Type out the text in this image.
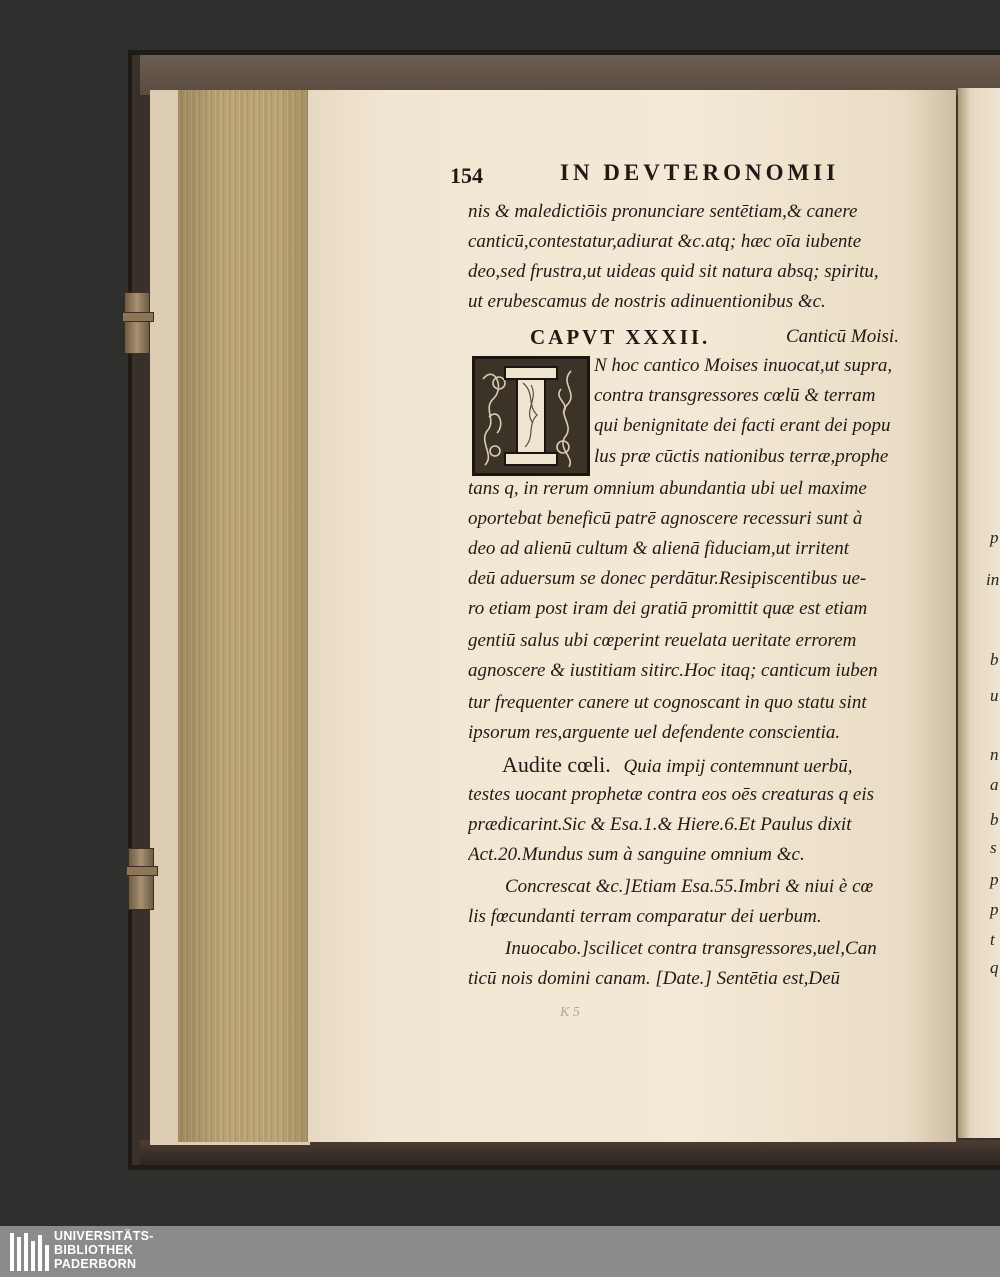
154	IN DEVTERONOMII
nis & maledictiōis pronunciare sentētiam,& canere
canticū,contestatur,adiurat &c.atq; hæc oīa iubente
deo,sed frustra,ut uideas quid sit natura absq; spiritu,
ut erubescamus de nostris adinuentionibus &c.
CAPVT XXXII.	Canticū Moisi.
N hoc cantico Moises inuocat,ut supra,
contra transgressores cœlū & terram
qui benignitate dei facti erant dei popu
lus præ cūctis nationibus terræ,prophe
tans q, in rerum omnium abundantia ubi uel maxime
oportebat beneficū patrē agnoscere recessuri sunt à
deo ad alienū cultum & alienā fiduciam,ut irritent
deū aduersum se donec perdātur.Resipiscentibus ue-
ro etiam post iram dei gratiā promittit quæ est etiam
gentiū salus ubi cœperint reuelata ueritate errorem
agnoscere & iustitiam sitirc.Hoc itaq; canticum iuben
tur frequenter canere ut cognoscant in quo statu sint
ipsorum res,arguente uel defendente conscientia.
Audite cœli. Quia impij contemnunt uerbū,
testes uocant prophetæ contra eos oēs creaturas q eis
prædicarint.Sic & Esa.1.& Hiere.6.Et Paulus dixit
Act.20.Mundus sum à sanguine omnium &c.
Concrescat &c.]Etiam Esa.55.Imbri & niui è cœ
lis fœcundanti terram comparatur dei uerbum.
Inuocabo.]scilicet contra transgressores,uel,Can
ticū nois domini canam. [Date.] Sentētia est,Deū
K 5
b
u
n
a
b
s
p
p
t
q
p
in
UNIVERSITÄTS-
BIBLIOTHEK
PADERBORN
